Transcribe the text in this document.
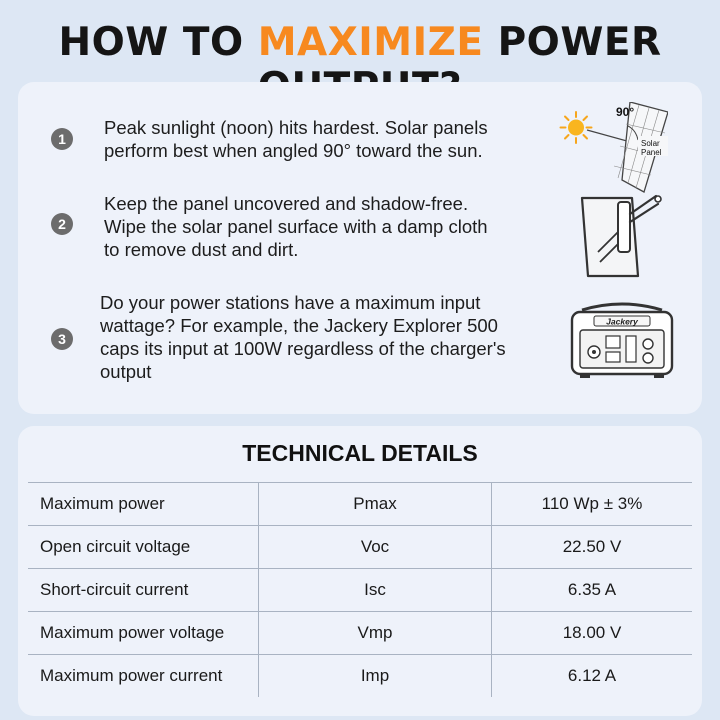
HOW TO MAXIMIZE POWER
1
Peak sunlight (noon) hits hardest. Solar panels
perform best when angled 90° toward the sun.
90°
Solar
Panel
2
Keep the panel uncovered and shadow-free.
Wipe the solar panel surface with a damp cloth
to remove dust and dirt.
3
Do your power stations have a maximum input
wattage? For example, the Jackery Explorer 500
caps its input at 100W regardless of the charger's
output
Jackery
TECHNICAL DETAILS
Maximum power	Pmax	110 Wp ± 3%
Open circuit voltage	Voc	22.50 V
Short-circuit current	Isc	6.35 A
Maximum power voltage	Vmp	18.00 V
Maximum power current	Imp	6.12 A
